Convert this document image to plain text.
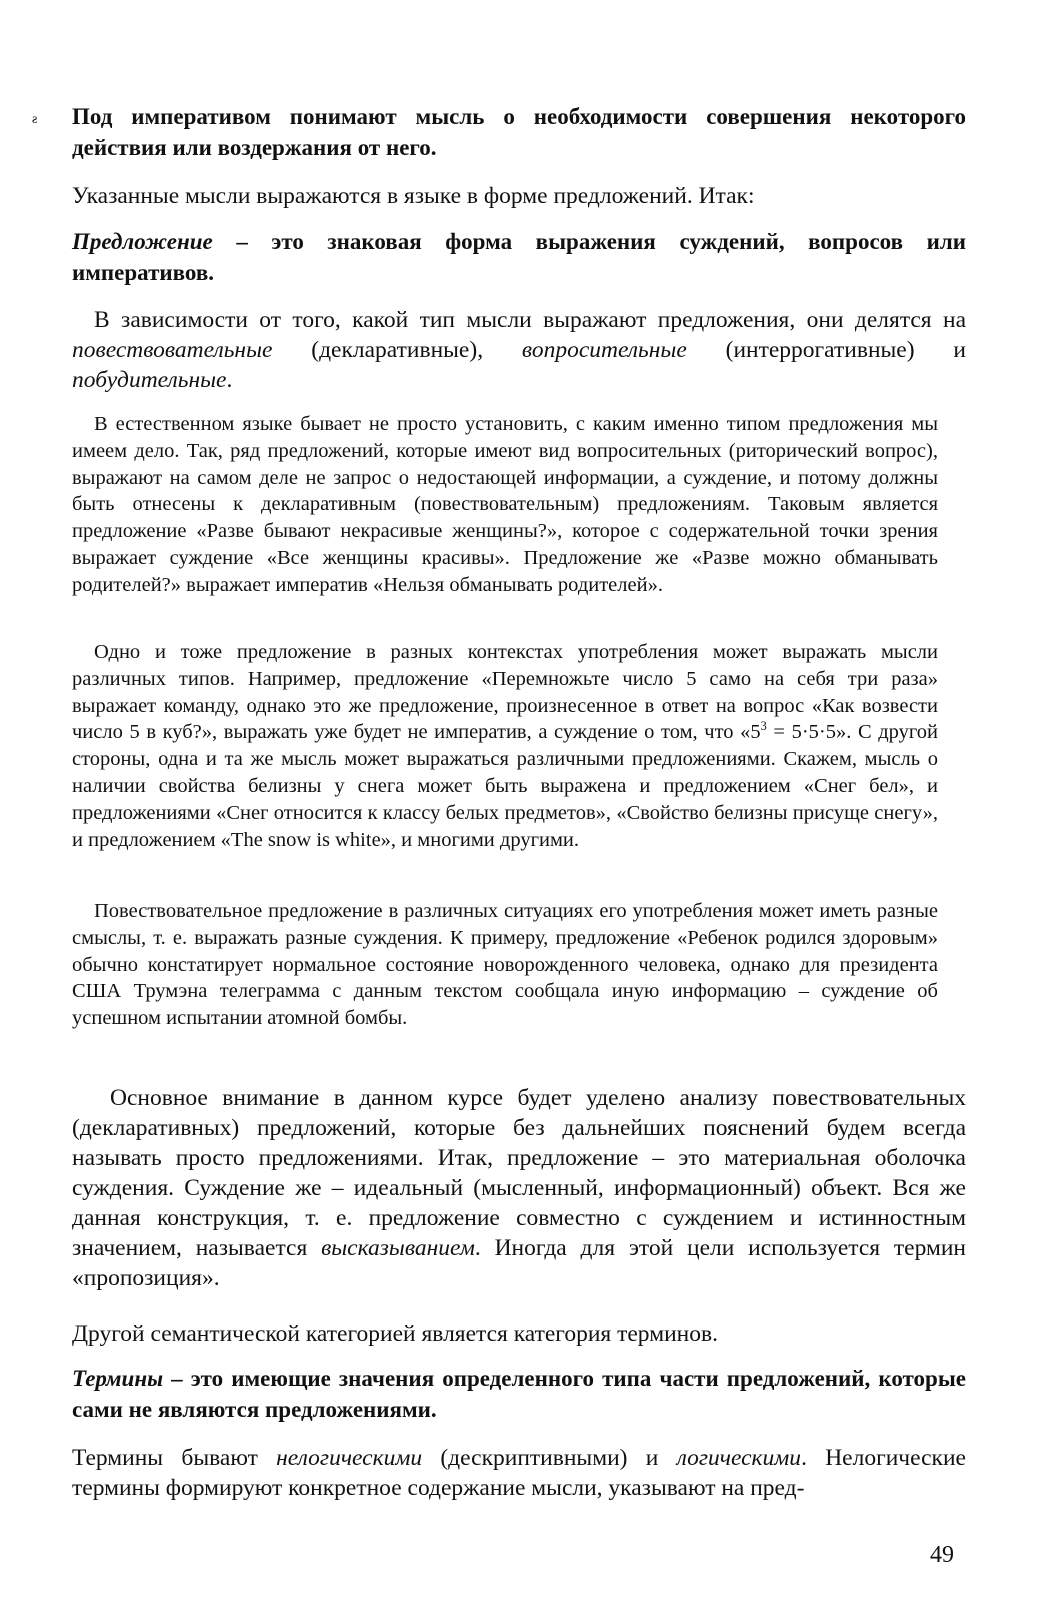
ƨ Под императивом понимают мысль о необходимости совершения некоторого действия или воздержания от него.

Указанные мысли выражаются в языке в форме предложений. Итак:

Предложение – это знаковая форма выражения суждений, вопросов или императивов.

В зависимости от того, какой тип мысли выражают предложения, они делятся на повествовательные (декларативные), вопросительные (интеррогативные) и побудительные.

В естественном языке бывает не просто установить, с каким именно типом предложения мы имеем дело. Так, ряд предложений, которые имеют вид вопросительных (риторический вопрос), выражают на самом деле не запрос о недостающей информации, а суждение, и потому должны быть отнесены к декларативным (повествовательным) предложениям. Таковым является предложение «Разве бывают некрасивые женщины?», которое с содержательной точки зрения выражает суждение «Все женщины красивы». Предложение же «Разве можно обманывать родителей?» выражает императив «Нельзя обманывать родителей».

Одно и тоже предложение в разных контекстах употребления может выражать мысли различных типов. Например, предложение «Перемножьте число 5 само на себя три раза» выражает команду, однако это же предложение, произнесенное в ответ на вопрос «Как возвести число 5 в куб?», выражать уже будет не императив, а суждение о том, что «$5^3 = 5\cdot 5\cdot 5$». С другой стороны, одна и та же мысль может выражаться различными предложениями. Скажем, мысль о наличии свойства белизны у снега может быть выражена и предложением «Снег бел», и предложениями «Снег относится к классу белых предметов», «Свойство белизны присуще снегу», и предложением «The snow is white», и многими другими.

Повествовательное предложение в различных ситуациях его употребления может иметь разные смыслы, т. е. выражать разные суждения. К примеру, предложение «Ребенок родился здоровым» обычно констатирует нормальное состояние новорожденного человека, однако для президента США Трумэна телеграмма с данным текстом сообщала иную информацию – суждение об успешном испытании атомной бомбы.

Основное внимание в данном курсе будет уделено анализу повествовательных (декларативных) предложений, которые без дальнейших пояснений будем всегда называть просто предложениями. Итак, предложение – это материальная оболочка суждения. Суждение же – идеальный (мысленный, информационный) объект. Вся же данная конструкция, т. е. предложение совместно с суждением и истинностным значением, называется высказыванием. Иногда для этой цели используется термин «пропозиция».

Другой семантической категорией является категория терминов.

Термины – это имеющие значения определенного типа части предложений, которые сами не являются предложениями.

Термины бывают нелогическими (дескриптивными) и логическими. Нелогические термины формируют конкретное содержание мысли, указывают на пред-

49
